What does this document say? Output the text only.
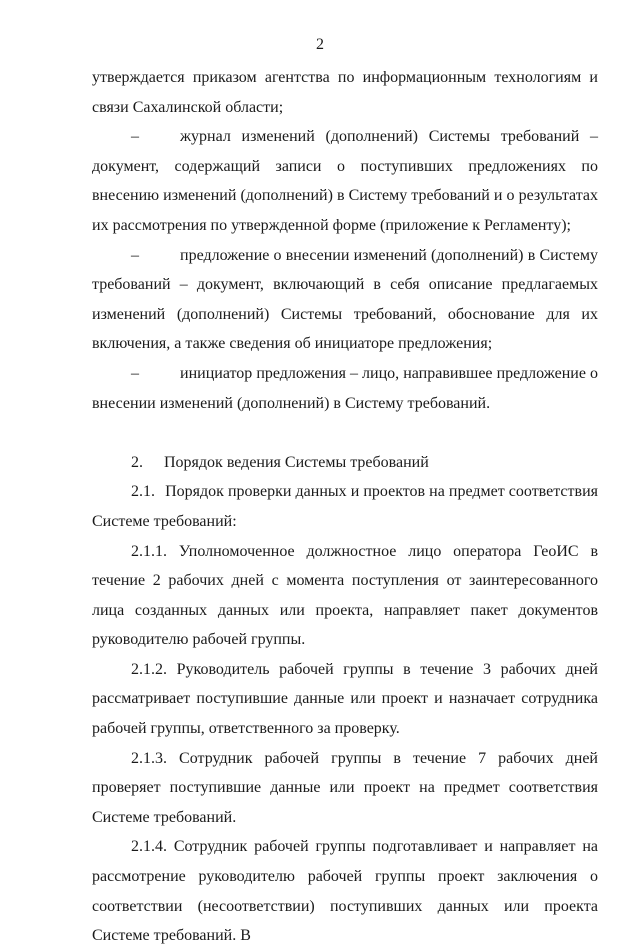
2

утверждается приказом агентства по информационным технологиям и связи Сахалинской области;

–	журнал изменений (дополнений) Системы требований – документ, содержащий записи о поступивших предложениях по внесению изменений (дополнений) в Систему требований и о результатах их рассмотрения по утвержденной форме (приложение к Регламенту);

–	предложение о внесении изменений (дополнений) в Систему требований – документ, включающий в себя описание предлагаемых изменений (дополнений) Системы требований, обоснование для их включения, а также сведения об инициаторе предложения;

–	инициатор предложения – лицо, направившее предложение о внесении изменений (дополнений) в Систему требований.

2. Порядок ведения Системы требований

2.1. Порядок проверки данных и проектов на предмет соответствия Системе требований:

2.1.1. Уполномоченное должностное лицо оператора ГеоИС в течение 2 рабочих дней с момента поступления от заинтересованного лица созданных данных или проекта, направляет пакет документов руководителю рабочей группы.

2.1.2. Руководитель рабочей группы в течение 3 рабочих дней рассматривает поступившие данные или проект и назначает сотрудника рабочей группы, ответственного за проверку.

2.1.3. Сотрудник рабочей группы в течение 7 рабочих дней проверяет поступившие данные или проект на предмет соответствия Системе требований.

2.1.4. Сотрудник рабочей группы подготавливает и направляет на рассмотрение руководителю рабочей группы проект заключения о соответствии (несоответствии) поступивших данных или проекта Системе требований. В
